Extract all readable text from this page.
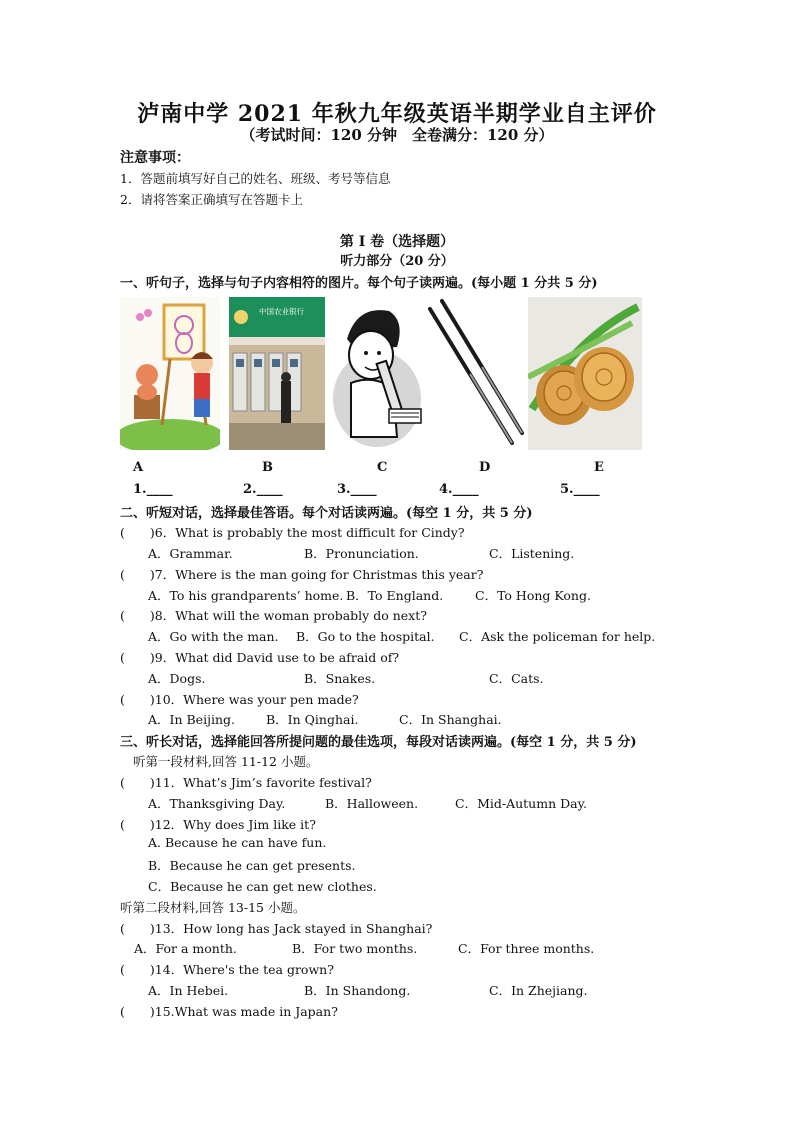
泸南中学 2021 年秋九年级英语半期学业自主评价
（考试时间：120 分钟　全卷满分：120 分）
注意事项：
1．答题前填写好自己的姓名、班级、考号等信息
2．请将答案正确填写在答题卡上
第 I 卷（选择题）
听力部分（20 分）
一、听句子，选择与句子内容相符的图片。每个句子读两遍。(每小题 1 分共 5 分)
中国农业银行
A	B	C	D	E
1.____	2.____	3.____	4.____	5.____
二、听短对话，选择最佳答语。每个对话读两遍。(每空 1 分，共 5 分)
(　　)6．What is probably the most difficult for Cindy?
A．Grammar.	B．Pronunciation.	C．Listening.
(　　)7．Where is the man going for Christmas this year?
A．To his grandparents’ home. B．To England.	C．To Hong Kong.
(　　)8．What will the woman probably do next?
A．Go with the man. B．Go to the hospital. C．Ask the policeman for help.
(　　)9．What did David use to be afraid of?
A．Dogs.	B．Snakes.	C．Cats.
(　　)10．Where was your pen made?
A．In Beijing. B．In Qinghai.	C．In Shanghai.
三、听长对话，选择能回答所提问题的最佳选项，每段对话读两遍。(每空 1 分，共 5 分)
听第一段材料,回答 11-12 小题。
(　　)11．What’s Jim’s favorite festival?
A．Thanksgiving Day.	B．Halloween.	C．Mid-Autumn Day.
(　　)12．Why does Jim like it?
A. Because he can have fun.
B．Because he can get presents.
C．Because he can get new clothes.
听第二段材料,回答 13-15 小题。
(　　)13．How long has Jack stayed in Shanghai?
A．For a month.	B．For two months.	C．For three months.
(　　)14．Where's the tea grown?
A．In Hebei.	B．In Shandong.	C．In Zhejiang.
(　　)15.What was made in Japan?
